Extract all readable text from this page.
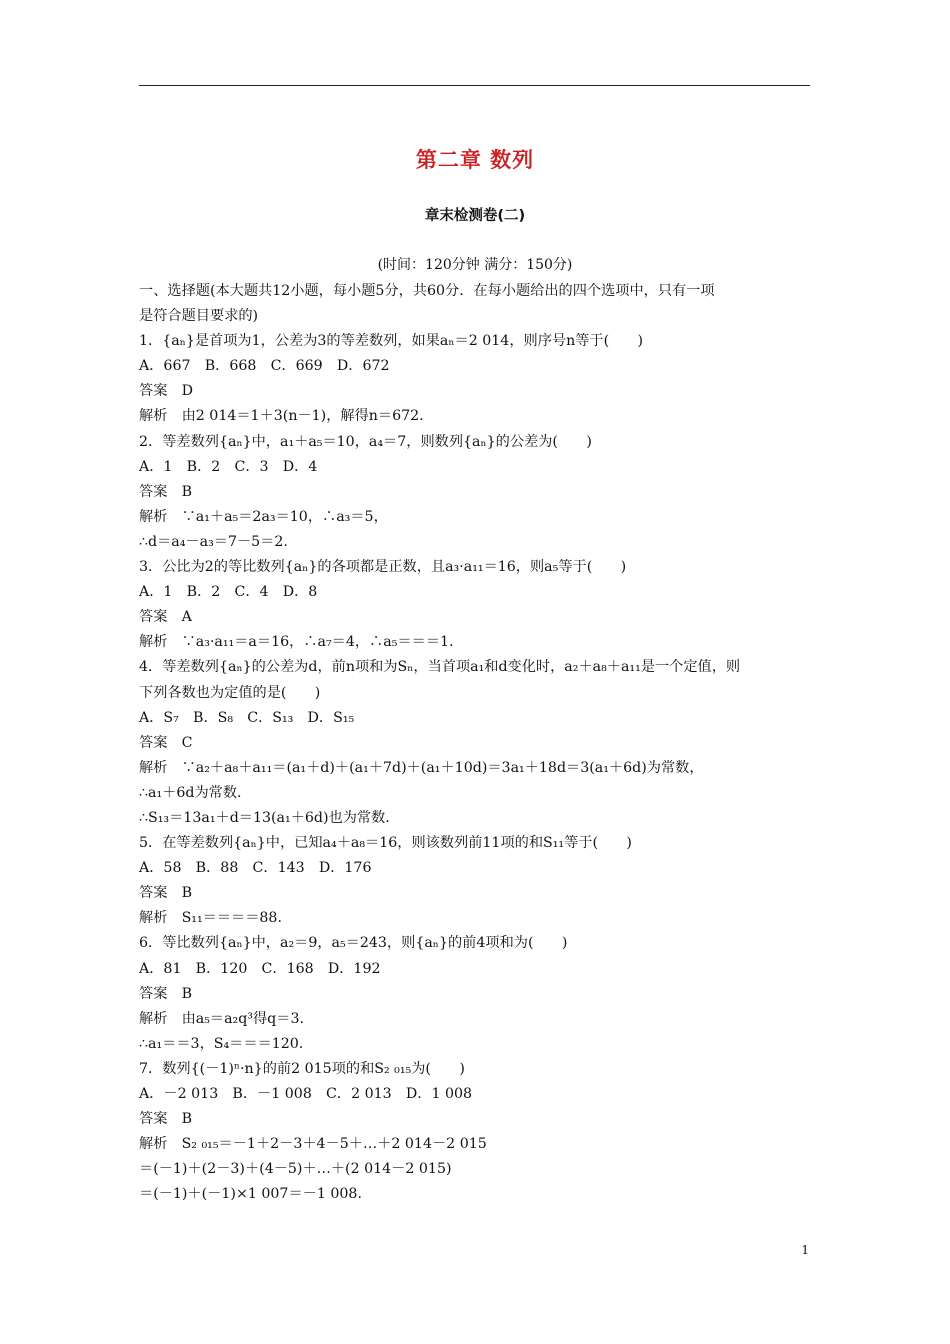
第二章 数列
章末检测卷(二)
(时间：120分钟 满分：150分)
一、选择题(本大题共12小题，每小题5分，共60分．在每小题给出的四个选项中，只有一项
是符合题目要求的)
1．{aₙ}是首项为1，公差为3的等差数列，如果aₙ＝2 014，则序号n等于(　　)
A．667　B．668　C．669　D．672
答案　D
解析　由2 014＝1＋3(n－1)，解得n＝672.
2．等差数列{aₙ}中，a₁＋a₅＝10，a₄＝7，则数列{aₙ}的公差为(　　)
A．1　B．2　C．3　D．4
答案　B
解析　∵a₁＋a₅＝2a₃＝10，∴a₃＝5，
∴d＝a₄－a₃＝7－5＝2.
3．公比为2的等比数列{aₙ}的各项都是正数，且a₃·a₁₁＝16，则a₅等于(　　)
A．1　B．2　C．4　D．8
答案　A
解析　∵a₃·a₁₁＝a＝16，∴a₇＝4，∴a₅＝＝＝1.
4．等差数列{aₙ}的公差为d，前n项和为Sₙ，当首项a₁和d变化时，a₂＋a₈＋a₁₁是一个定值，则
下列各数也为定值的是(　　)
A．S₇　B．S₈　C．S₁₃　D．S₁₅
答案　C
解析　∵a₂＋a₈＋a₁₁＝(a₁＋d)＋(a₁＋7d)＋(a₁＋10d)＝3a₁＋18d＝3(a₁＋6d)为常数，
∴a₁＋6d为常数.
∴S₁₃＝13a₁＋d＝13(a₁＋6d)也为常数.
5．在等差数列{aₙ}中，已知a₄＋a₈＝16，则该数列前11项的和S₁₁等于(　　)
A．58　B．88　C．143　D．176
答案　B
解析　S₁₁＝＝＝＝88.
6．等比数列{aₙ}中，a₂＝9，a₅＝243，则{aₙ}的前4项和为(　　)
A．81　B．120　C．168　D．192
答案　B
解析　由a₅＝a₂q³得q＝3.
∴a₁＝＝3，S₄＝＝＝120.
7．数列{(－1)ⁿ·n}的前2 015项的和S₂ ₀₁₅为(　　)
A．－2 013　B．－1 008　C．2 013　D．1 008
答案　B
解析　S₂ ₀₁₅＝－1＋2－3＋4－5＋…＋2 014－2 015
＝(－1)＋(2－3)＋(4－5)＋…＋(2 014－2 015)
＝(－1)＋(－1)×1 007＝－1 008.
1
